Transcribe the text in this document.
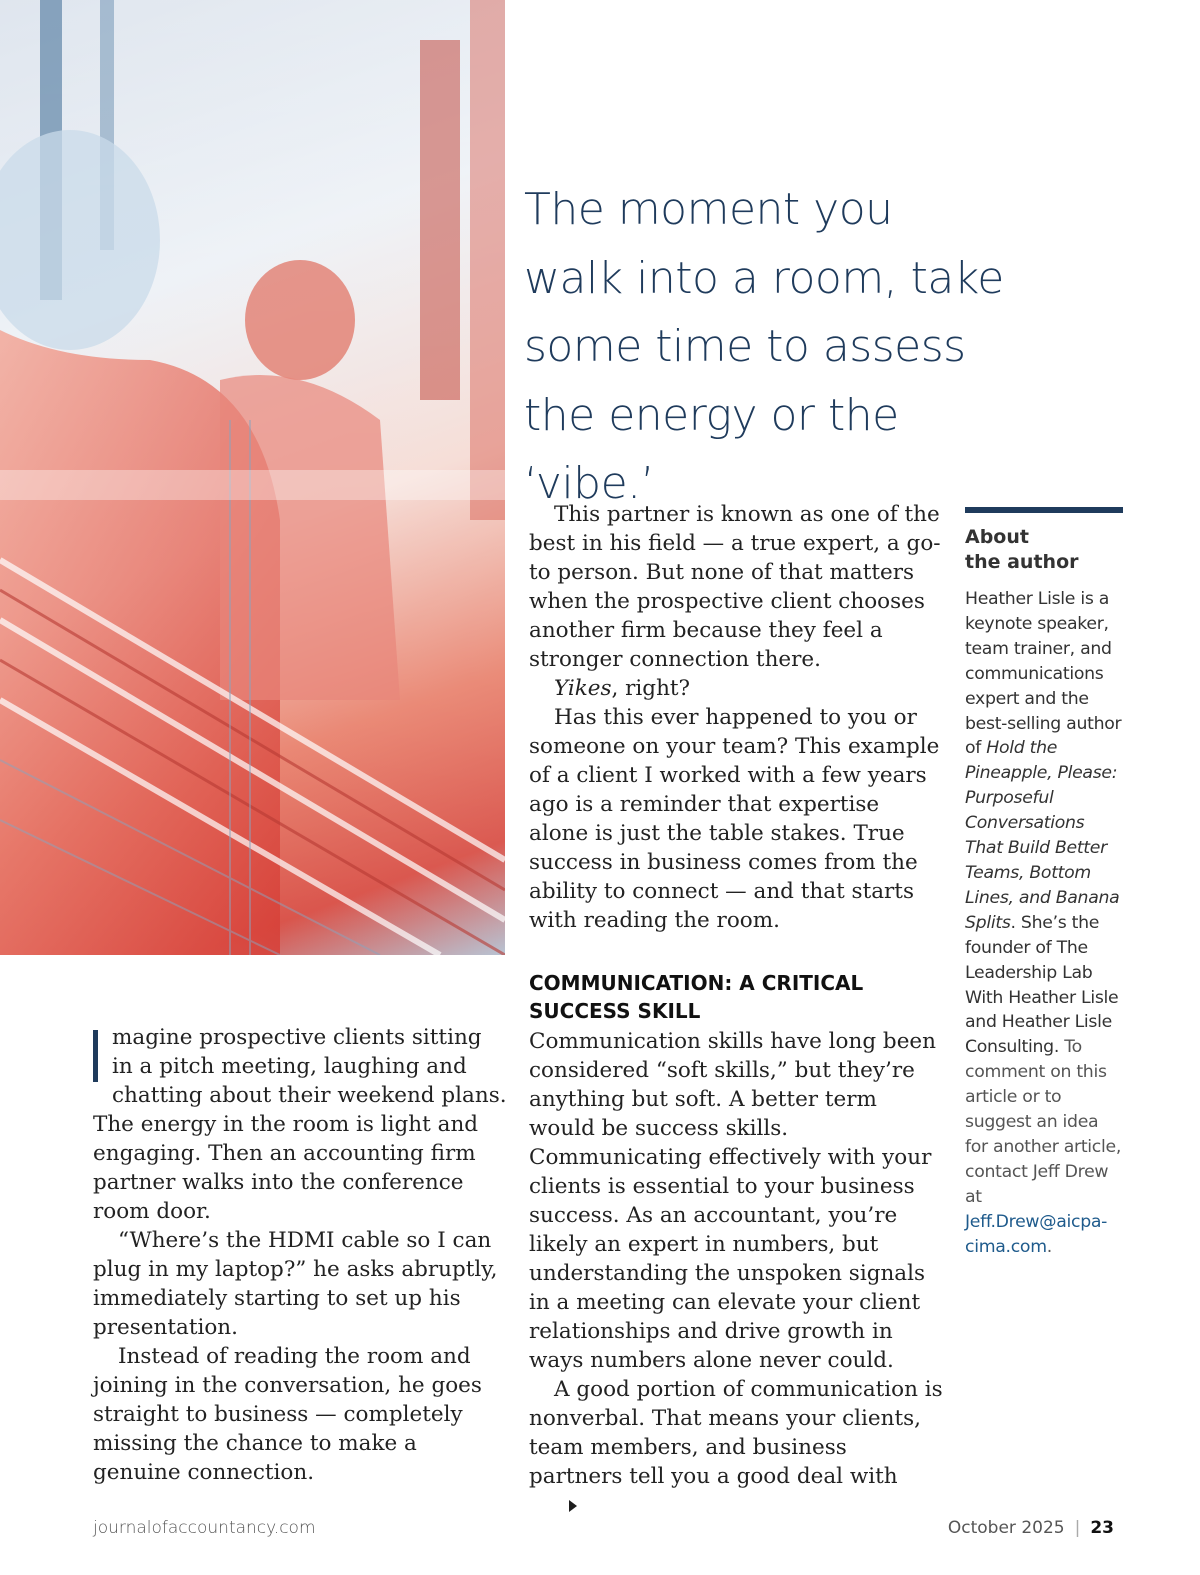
The moment you walk into a room, take some time to assess the energy or the ‘vibe.’

magine prospective clients sitting in a pitch meeting, laughing and chatting about their weekend plans. The energy in the room is light and engaging. Then an accounting firm partner walks into the conference room door.

“Where’s the HDMI cable so I can plug in my laptop?” he asks abruptly, immediately starting to set up his presentation.

Instead of reading the room and joining in the conversation, he goes straight to business — completely missing the chance to make a genuine connection.

This partner is known as one of the best in his field — a true expert, a go-to person. But none of that matters when the prospective client chooses another firm because they feel a stronger connection there.

Yikes, right?

Has this ever happened to you or someone on your team? This example of a client I worked with a few years ago is a reminder that expertise alone is just the table stakes. True success in business comes from the ability to connect — and that starts with reading the room.

COMMUNICATION: A CRITICAL SUCCESS SKILL

Communication skills have long been considered “soft skills,” but they’re anything but soft. A better term would be success skills. Communicating effectively with your clients is essential to your business success. As an accountant, you’re likely an expert in numbers, but understanding the unspoken signals in a meeting can elevate your client relationships and drive growth in ways numbers alone never could.

A good portion of communication is nonverbal. That means your clients, team members, and business partners tell you a good deal with

About
the author
Heather Lisle is a keynote speaker, team trainer, and communications expert and the best-selling author of Hold the Pineapple, Please: Purposeful Conversations That Build Better Teams, Bottom Lines, and Banana Splits. She’s the founder of The Leadership Lab With Heather Lisle and Heather Lisle Consulting. To comment on this article or to suggest an idea for another article, contact Jeff Drew at Jeff.Drew@aicpa-cima.com.
journalofaccountancy.com	October 2025 | 23
